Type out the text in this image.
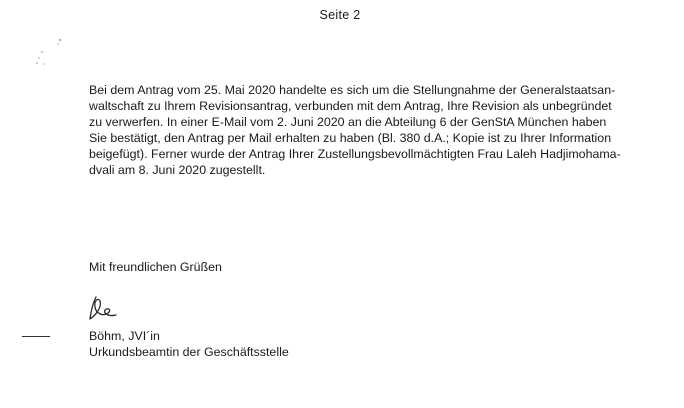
Seite 2
Bei dem Antrag vom 25. Mai 2020 handelte es sich um die Stellungnahme der Generalstaatsan-
waltschaft zu Ihrem Revisionsantrag, verbunden mit dem Antrag, Ihre Revision als unbegründet
zu verwerfen. In einer E-Mail vom 2. Juni 2020 an die Abteilung 6 der GenStA München haben
Sie bestätigt, den Antrag per Mail erhalten zu haben (Bl. 380 d.A.; Kopie ist zu Ihrer Information
beigefügt). Ferner wurde der Antrag Ihrer Zustellungsbevollmächtigten Frau Laleh Hadjimohama-
dvali am 8. Juni 2020 zugestellt.
Mit freundlichen Grüßen
Böhm, JVI´in
Urkundsbeamtin der Geschäftsstelle
